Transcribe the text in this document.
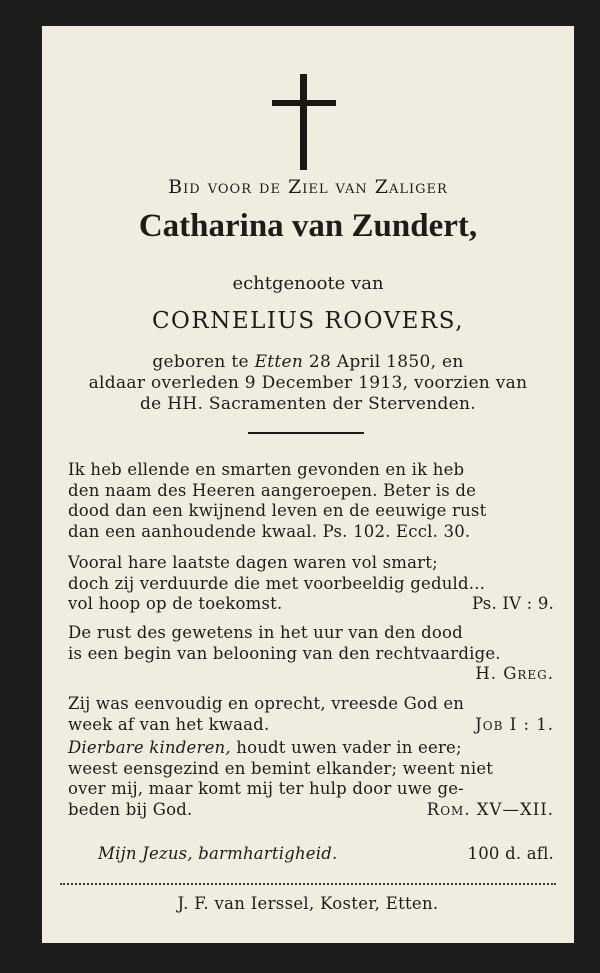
Bid voor de Ziel van Zaliger
Catharina van Zundert,
echtgenoote van
CORNELIUS ROOVERS,
geboren te Etten 28 April 1850, en
aldaar overleden 9 December 1913, voorzien van
de HH. Sacramenten der Stervenden.
Ik heb ellende en smarten gevonden en ik heb
den naam des Heeren aangeroepen. Beter is de
dood dan een kwijnend leven en de eeuwige rust
dan een aanhoudende kwaal. Ps. 102. Eccl. 30.
Vooral hare laatste dagen waren vol smart;
doch zij verduurde die met voorbeeldig geduld...
vol hoop op de toekomst.	Ps. IV : 9.
De rust des gewetens in het uur van den dood
is een begin van belooning van den rechtvaardige.
H. Greg.
Zij was eenvoudig en oprecht, vreesde God en
week af van het kwaad.	Job I : 1.
Dierbare kinderen, houdt uwen vader in eere;
weest eensgezind en bemint elkander; weent niet
over mij, maar komt mij ter hulp door uwe ge-
beden bij God.	Rom. XV—XII.
Mijn Jezus, barmhartigheid.	100 d. afl.
J. F. van Ierssel, Koster, Etten.
